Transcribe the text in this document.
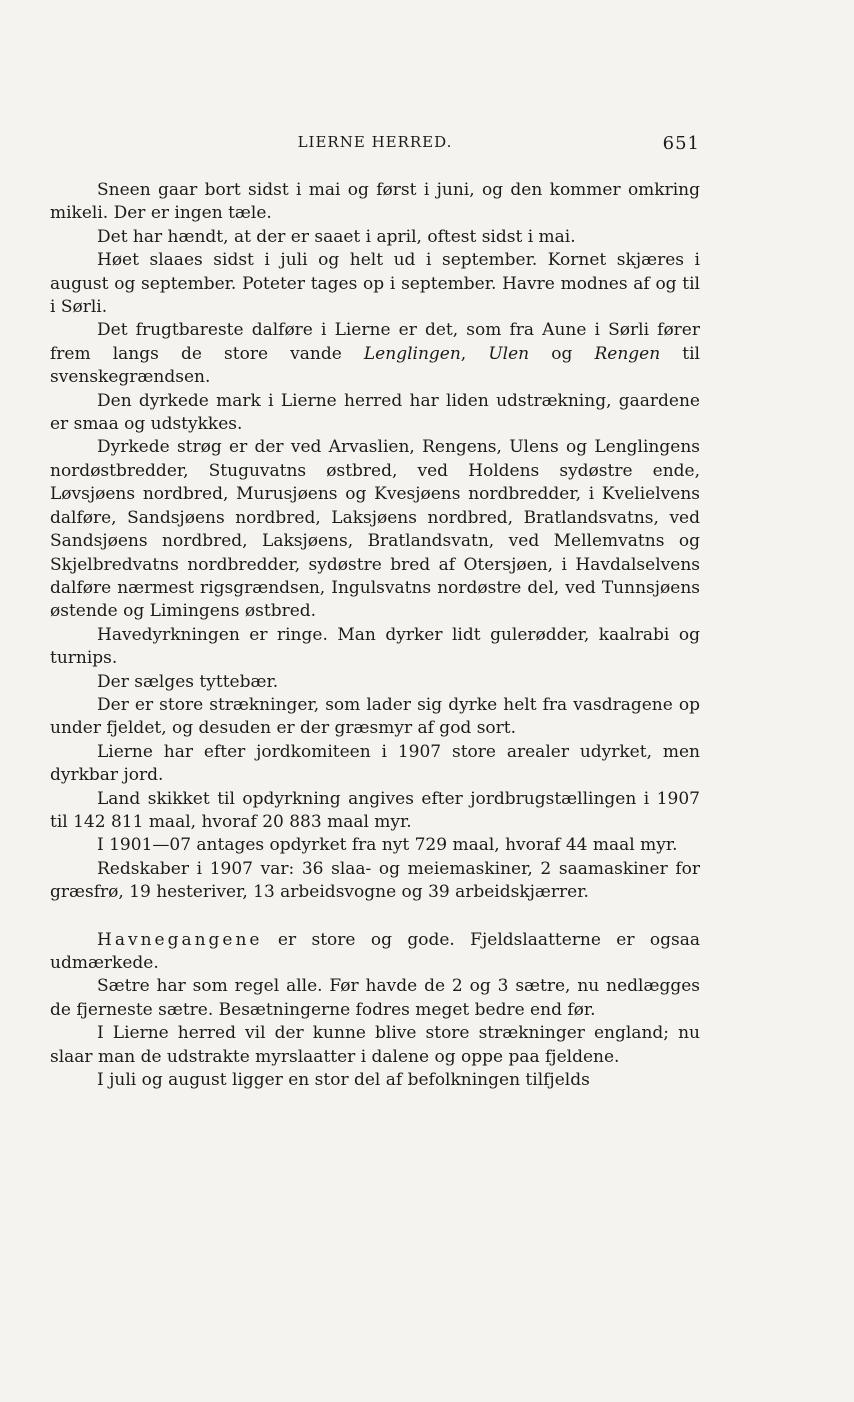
LIERNE HERRED.	651

Sneen gaar bort sidst i mai og først i juni, og den kommer omkring mikeli. Der er ingen tæle.

Det har hændt, at der er saaet i april, oftest sidst i mai.

Høet slaaes sidst i juli og helt ud i september. Kornet skjæres i august og september. Poteter tages op i september. Havre modnes af og til i Sørli.

Det frugtbareste dalføre i Lierne er det, som fra Aune i Sørli fører frem langs de store vande Lenglingen, Ulen og Rengen til svenskegrændsen.

Den dyrkede mark i Lierne herred har liden udstrækning, gaardene er smaa og udstykkes.

Dyrkede strøg er der ved Arvaslien, Rengens, Ulens og Lenglingens nordøstbredder, Stuguvatns østbred, ved Holdens sydøstre ende, Løvsjøens nordbred, Murusjøens og Kvesjøens nordbredder, i Kvelielvens dalføre, Sandsjøens nordbred, Laksjøens nordbred, Bratlandsvatns, ved Sandsjøens nordbred, Laksjøens, Bratlandsvatn, ved Mellemvatns og Skjelbredvatns nordbredder, sydøstre bred af Otersjøen, i Havdalselvens dalføre nærmest rigsgrændsen, Ingulsvatns nordøstre del, ved Tunnsjøens østende og Limingens østbred.

Havedyrkningen er ringe. Man dyrker lidt gulerødder, kaalrabi og turnips.

Der sælges tyttebær.

Der er store strækninger, som lader sig dyrke helt fra vasdragene op under fjeldet, og desuden er der græsmyr af god sort.

Lierne har efter jordkomiteen i 1907 store arealer udyrket, men dyrkbar jord.

Land skikket til opdyrkning angives efter jordbrugstællingen i 1907 til 142 811 maal, hvoraf 20 883 maal myr.

I 1901—07 antages opdyrket fra nyt 729 maal, hvoraf 44 maal myr.

Redskaber i 1907 var: 36 slaa- og meiemaskiner, 2 saamaskiner for græsfrø, 19 hesteriver, 13 arbeidsvogne og 39 arbeidskjærrer.

Havnegangene er store og gode. Fjeldslaatterne er ogsaa udmærkede.

Sætre har som regel alle. Før havde de 2 og 3 sætre, nu nedlægges de fjerneste sætre. Besætningerne fodres meget bedre end før.

I Lierne herred vil der kunne blive store strækninger england; nu slaar man de udstrakte myrslaatter i dalene og oppe paa fjeldene.

I juli og august ligger en stor del af befolkningen tilfjelds
